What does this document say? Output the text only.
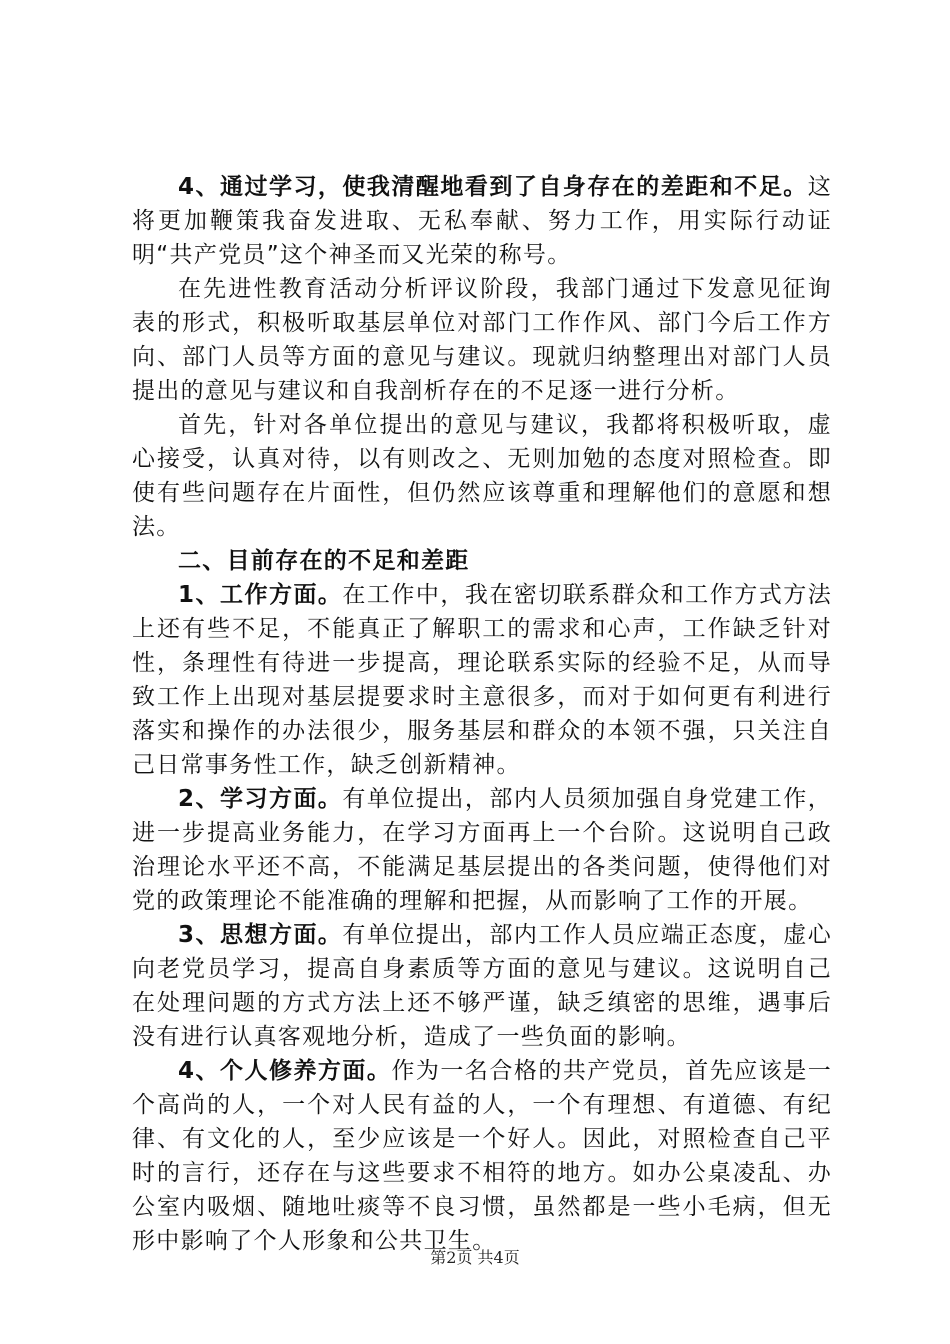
4、通过学习，使我清醒地看到了自身存在的差距和不足。这将更加鞭策我奋发进取、无私奉献、努力工作，用实际行动证明“共产党员”这个神圣而又光荣的称号。

在先进性教育活动分析评议阶段，我部门通过下发意见征询表的形式，积极听取基层单位对部门工作作风、部门今后工作方向、部门人员等方面的意见与建议。现就归纳整理出对部门人员提出的意见与建议和自我剖析存在的不足逐一进行分析。

首先，针对各单位提出的意见与建议，我都将积极听取，虚心接受，认真对待，以有则改之、无则加勉的态度对照检查。即使有些问题存在片面性，但仍然应该尊重和理解他们的意愿和想法。

二、目前存在的不足和差距

1、工作方面。在工作中，我在密切联系群众和工作方式方法上还有些不足，不能真正了解职工的需求和心声，工作缺乏针对性，条理性有待进一步提高，理论联系实际的经验不足，从而导致工作上出现对基层提要求时主意很多，而对于如何更有利进行落实和操作的办法很少，服务基层和群众的本领不强，只关注自己日常事务性工作，缺乏创新精神。

2、学习方面。有单位提出，部内人员须加强自身党建工作，进一步提高业务能力，在学习方面再上一个台阶。这说明自己政治理论水平还不高，不能满足基层提出的各类问题，使得他们对党的政策理论不能准确的理解和把握，从而影响了工作的开展。

3、思想方面。有单位提出，部内工作人员应端正态度，虚心向老党员学习，提高自身素质等方面的意见与建议。这说明自己在处理问题的方式方法上还不够严谨，缺乏缜密的思维，遇事后没有进行认真客观地分析，造成了一些负面的影响。

4、个人修养方面。作为一名合格的共产党员，首先应该是一个高尚的人，一个对人民有益的人，一个有理想、有道德、有纪律、有文化的人，至少应该是一个好人。因此，对照检查自己平时的言行，还存在与这些要求不相符的地方。如办公桌凌乱、办公室内吸烟、随地吐痰等不良习惯，虽然都是一些小毛病，但无形中影响了个人形象和公共卫生。

第2页 共4页
